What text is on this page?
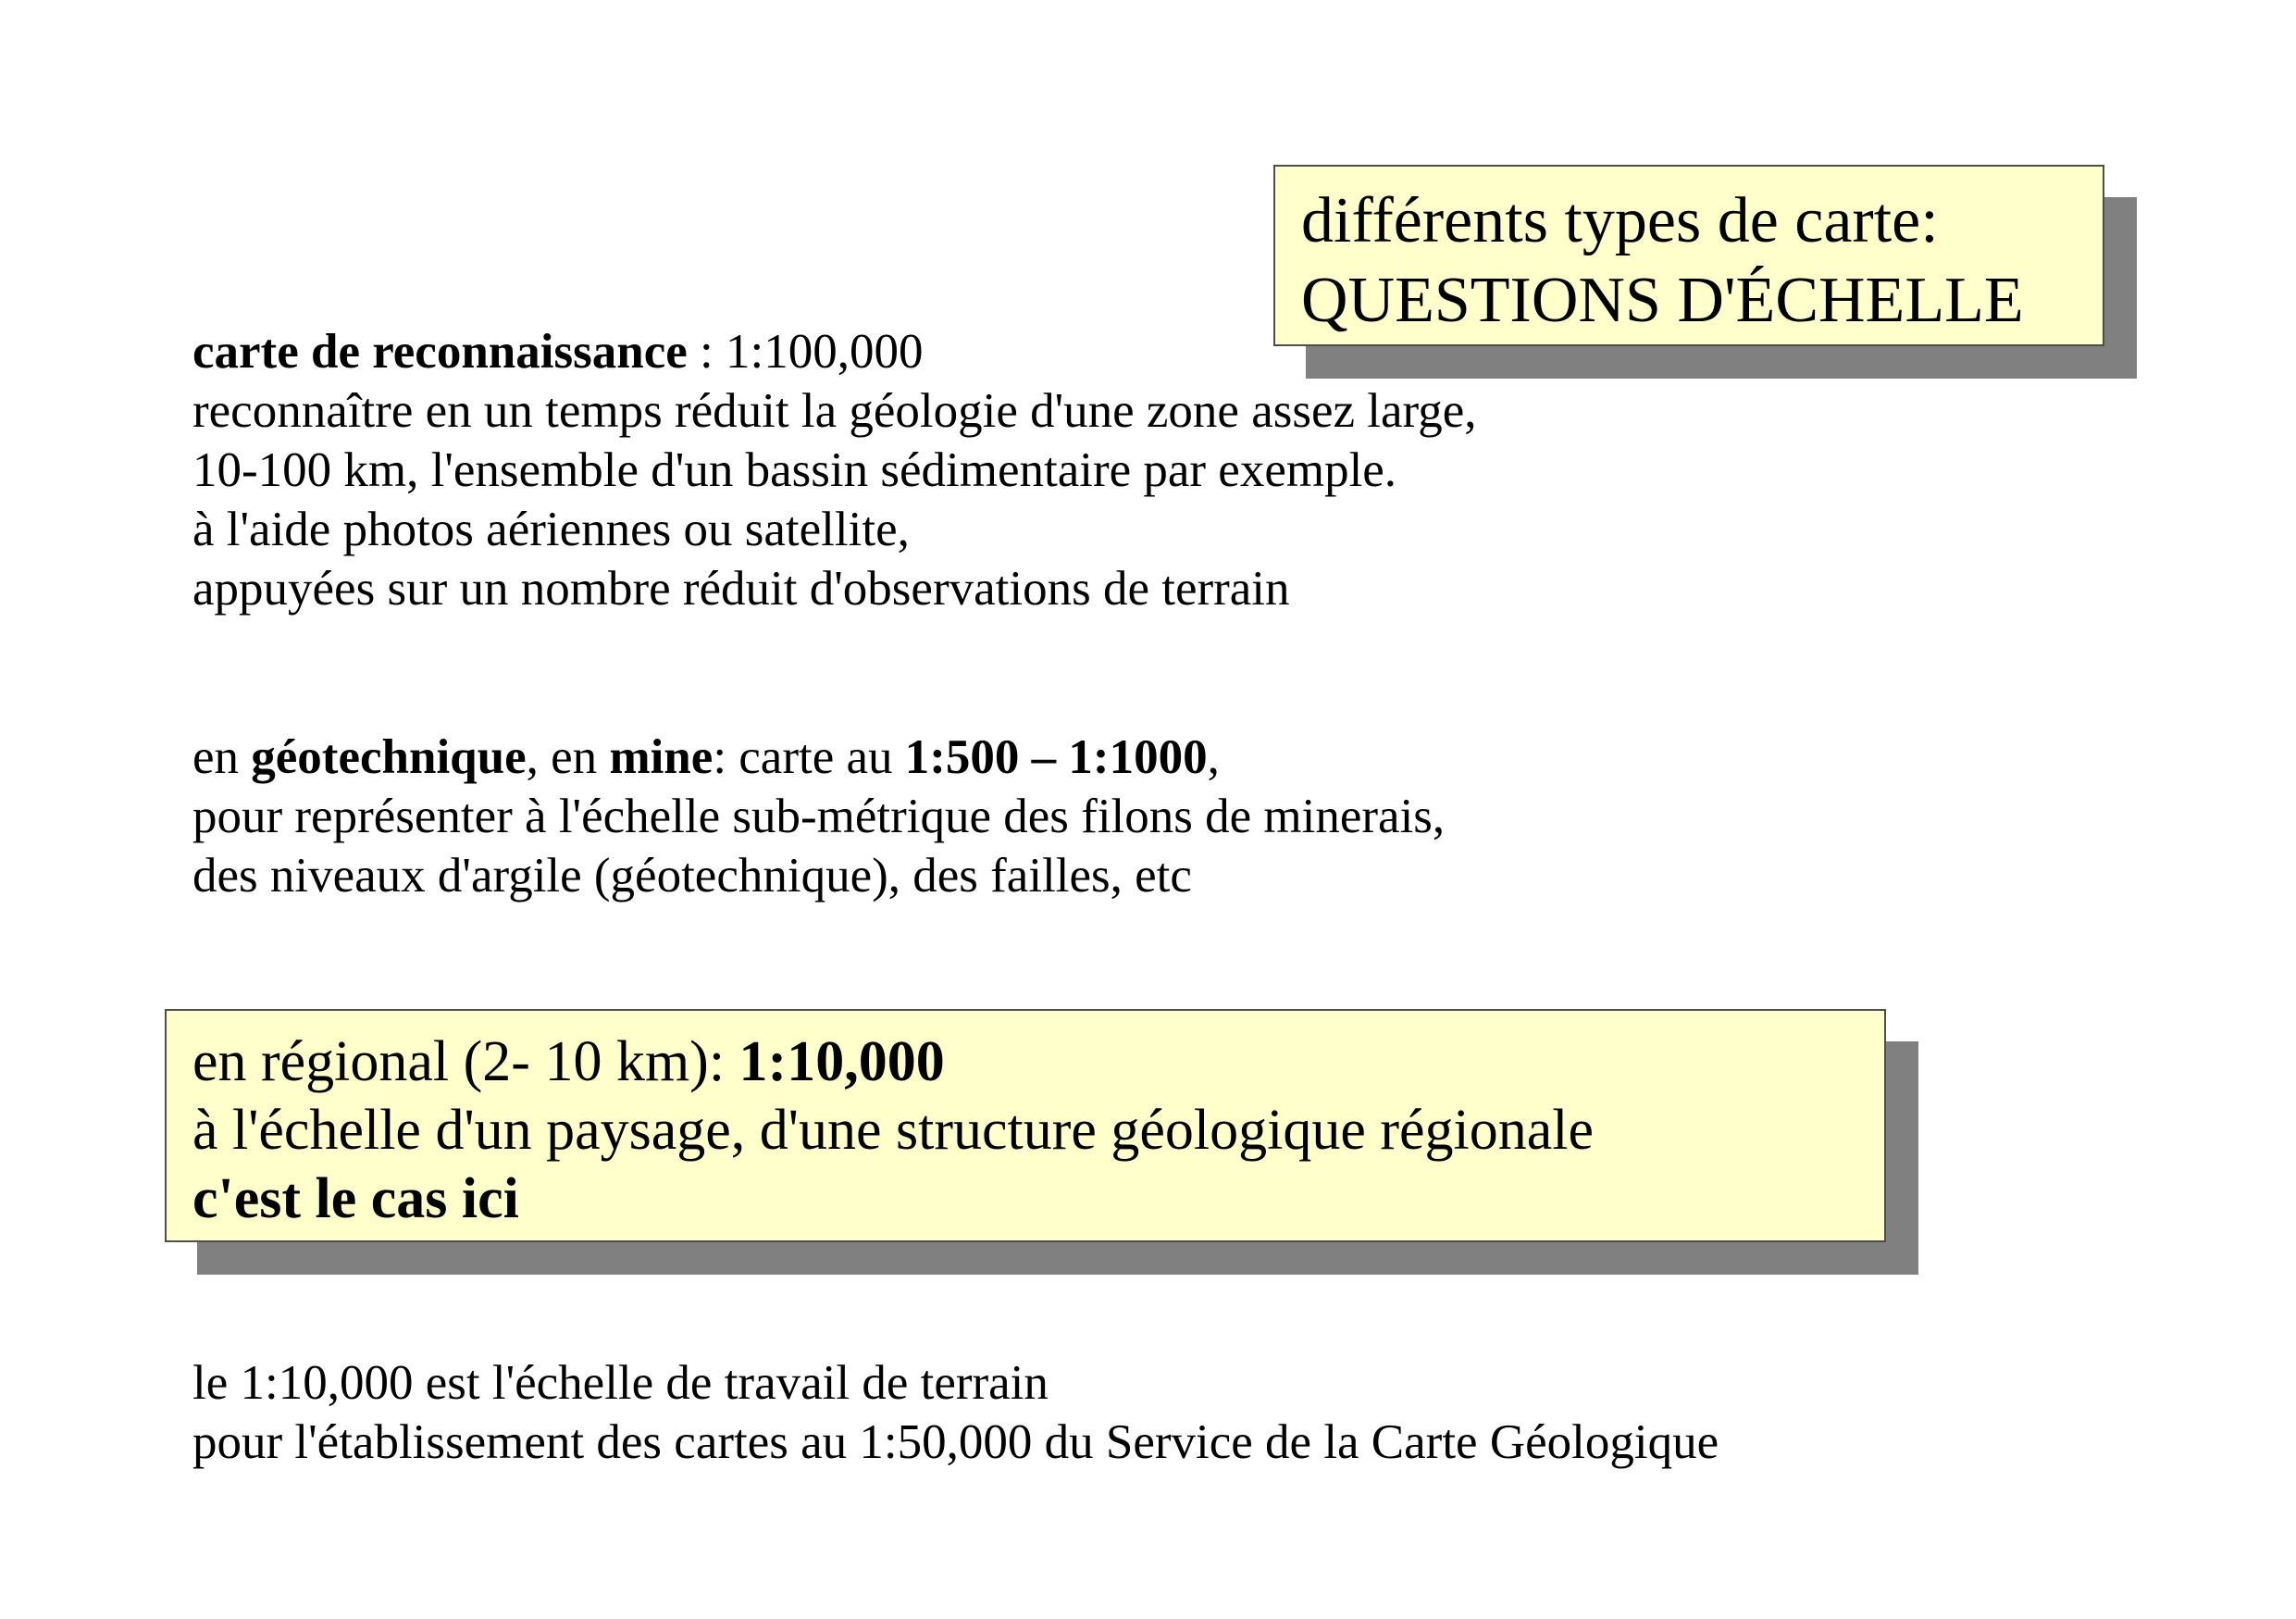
différents types de carte:
QUESTIONS D'ÉCHELLE
carte de reconnaissance : 1:100,000
reconnaître en un temps réduit la géologie d'une zone assez large,
10-100 km, l'ensemble d'un bassin sédimentaire par exemple.
à l'aide photos aériennes ou satellite,
appuyées sur un nombre réduit d'observations de terrain
en géotechnique, en mine: carte au 1:500 – 1:1000,
pour représenter à l'échelle sub-métrique des filons de minerais,
des niveaux d'argile (géotechnique), des failles, etc
en régional (2- 10 km): 1:10,000
à l'échelle d'un paysage, d'une structure géologique régionale
c'est le cas ici
le 1:10,000 est l'échelle de travail de terrain
pour l'établissement des cartes au 1:50,000 du Service de la Carte Géologique
